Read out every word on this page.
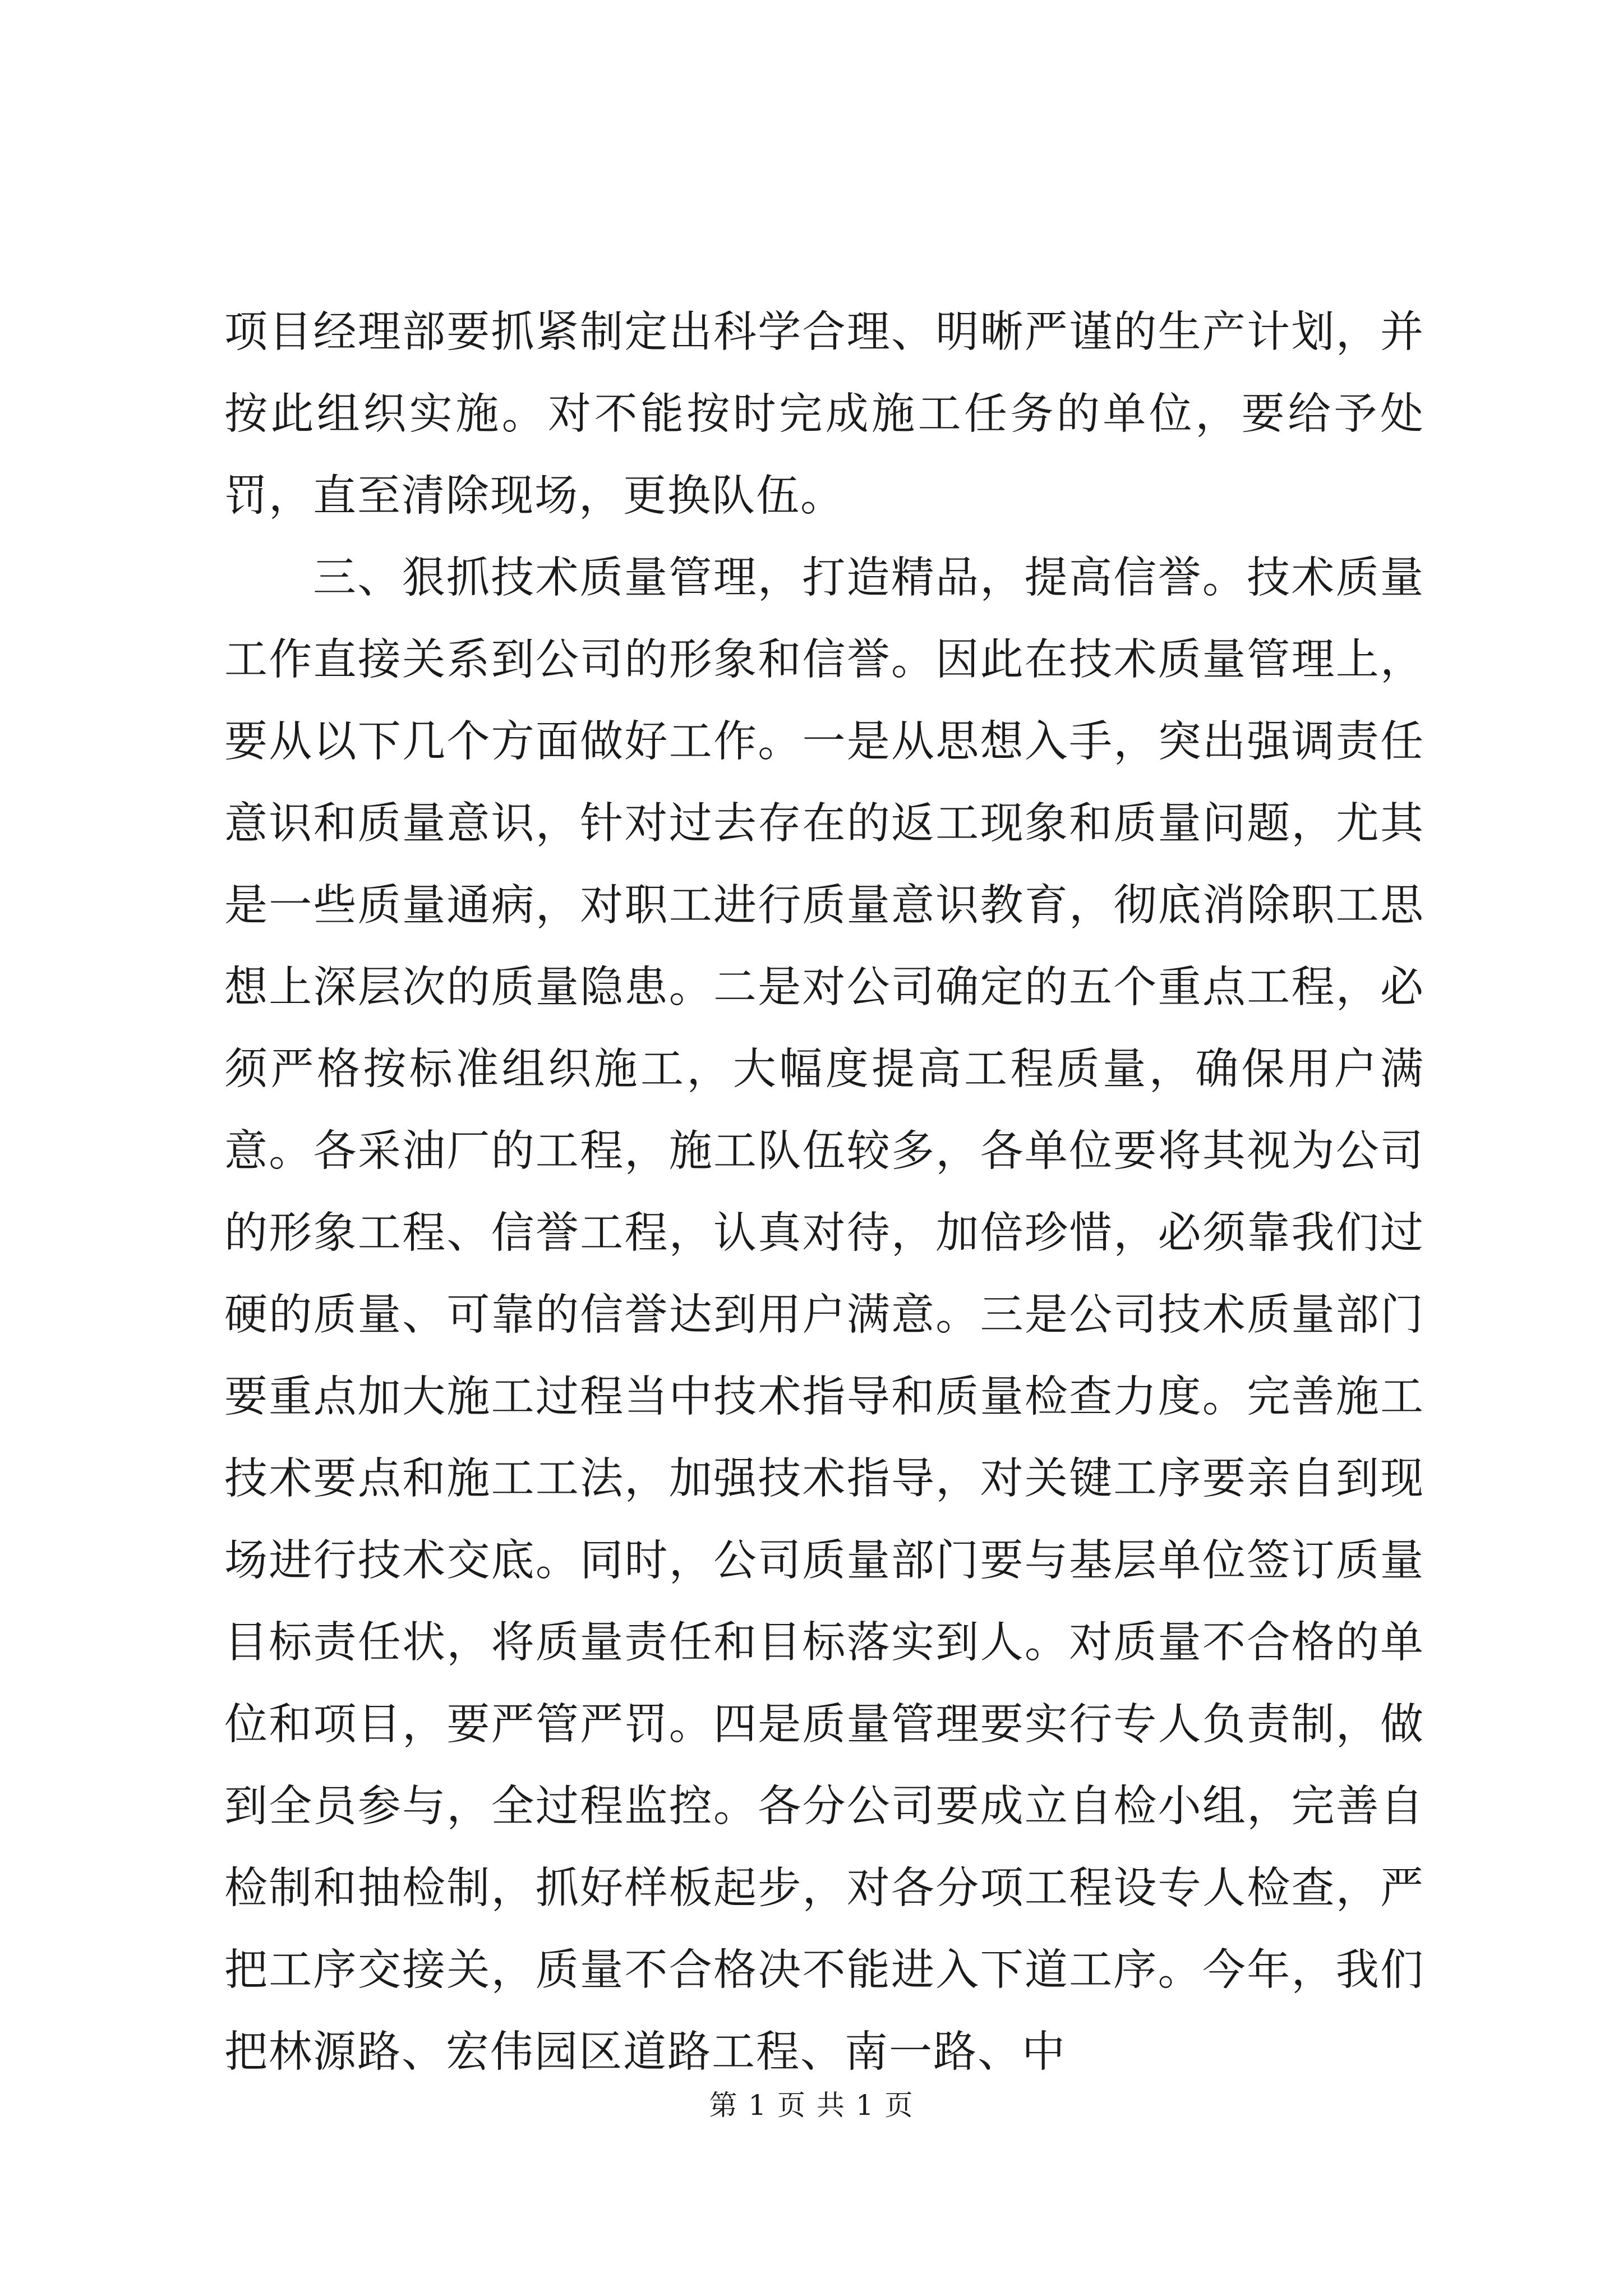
项目经理部要抓紧制定出科学合理、明晰严谨的生产计划，并按此组织实施。对不能按时完成施工任务的单位，要给予处罚，直至清除现场，更换队伍。

三、狠抓技术质量管理，打造精品，提高信誉。技术质量工作直接关系到公司的形象和信誉。因此在技术质量管理上，要从以下几个方面做好工作。一是从思想入手，突出强调责任意识和质量意识，针对过去存在的返工现象和质量问题，尤其是一些质量通病，对职工进行质量意识教育，彻底消除职工思想上深层次的质量隐患。二是对公司确定的五个重点工程，必须严格按标准组织施工，大幅度提高工程质量，确保用户满意。各采油厂的工程，施工队伍较多，各单位要将其视为公司的形象工程、信誉工程，认真对待，加倍珍惜，必须靠我们过硬的质量、可靠的信誉达到用户满意。三是公司技术质量部门要重点加大施工过程当中技术指导和质量检查力度。完善施工技术要点和施工工法，加强技术指导，对关键工序要亲自到现场进行技术交底。同时，公司质量部门要与基层单位签订质量目标责任状，将质量责任和目标落实到人。对质量不合格的单位和项目，要严管严罚。四是质量管理要实行专人负责制，做到全员参与，全过程监控。各分公司要成立自检小组，完善自检制和抽检制，抓好样板起步，对各分项工程设专人检查，严把工序交接关，质量不合格决不能进入下道工序。今年，我们把林源路、宏伟园区道路工程、南一路、中

第 1 页 共 1 页
